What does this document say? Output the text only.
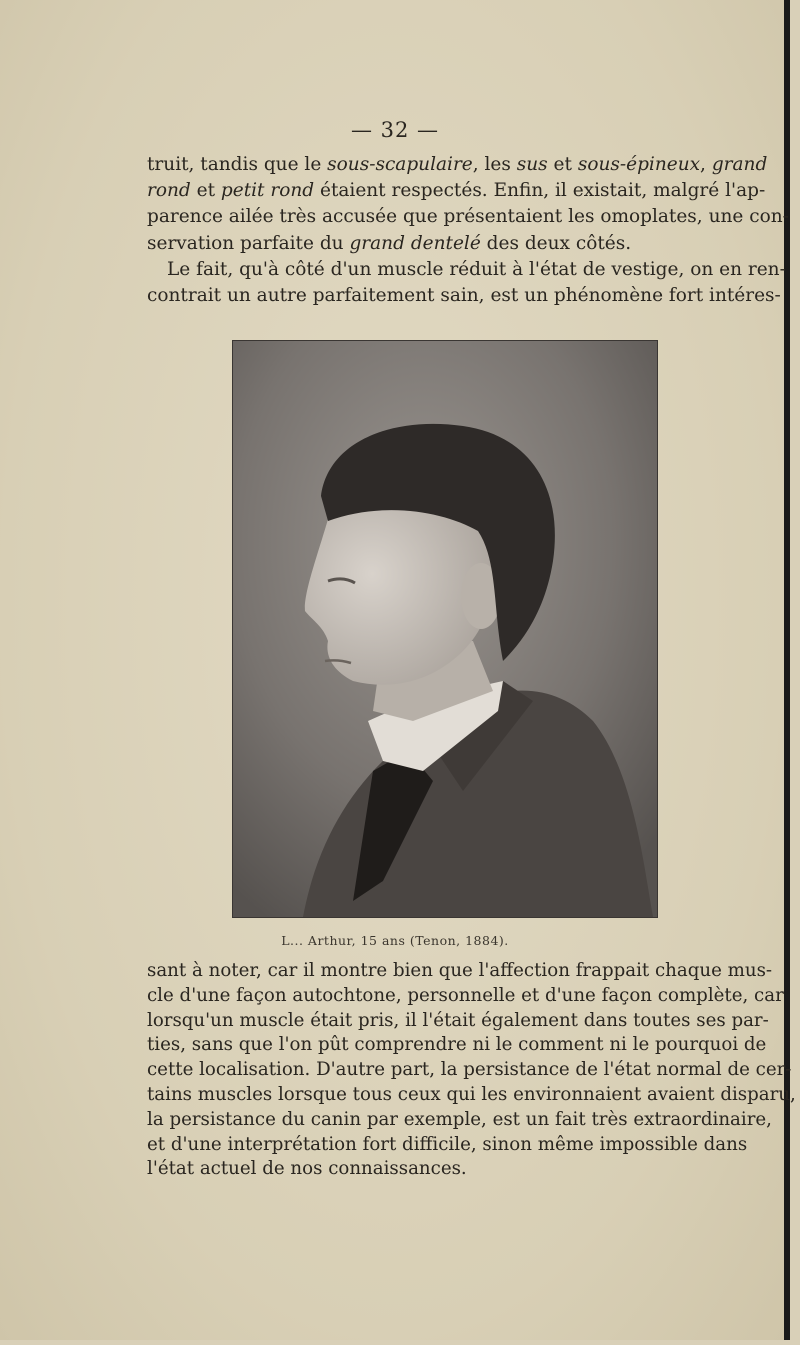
— 32 —
truit, tandis que le sous-scapulaire, les sus et sous-épineux, grand
rond et petit rond étaient respectés. Enfin, il existait, malgré l'ap-
parence ailée très accusée que présentaient les omoplates, une con-
servation parfaite du grand dentelé des deux côtés.
Le fait, qu'à côté d'un muscle réduit à l'état de vestige, on en ren-
contrait un autre parfaitement sain, est un phénomène fort intéres-
L... Arthur, 15 ans (Tenon, 1884).
sant à noter, car il montre bien que l'affection frappait chaque mus-
cle d'une façon autochtone, personnelle et d'une façon complète, car
lorsqu'un muscle était pris, il l'était également dans toutes ses par-
ties, sans que l'on pût comprendre ni le comment ni le pourquoi de
cette localisation. D'autre part, la persistance de l'état normal de cer-
tains muscles lorsque tous ceux qui les environnaient avaient disparu,
la persistance du canin par exemple, est un fait très extraordinaire,
et d'une interprétation fort difficile, sinon même impossible dans
l'état actuel de nos connaissances.
